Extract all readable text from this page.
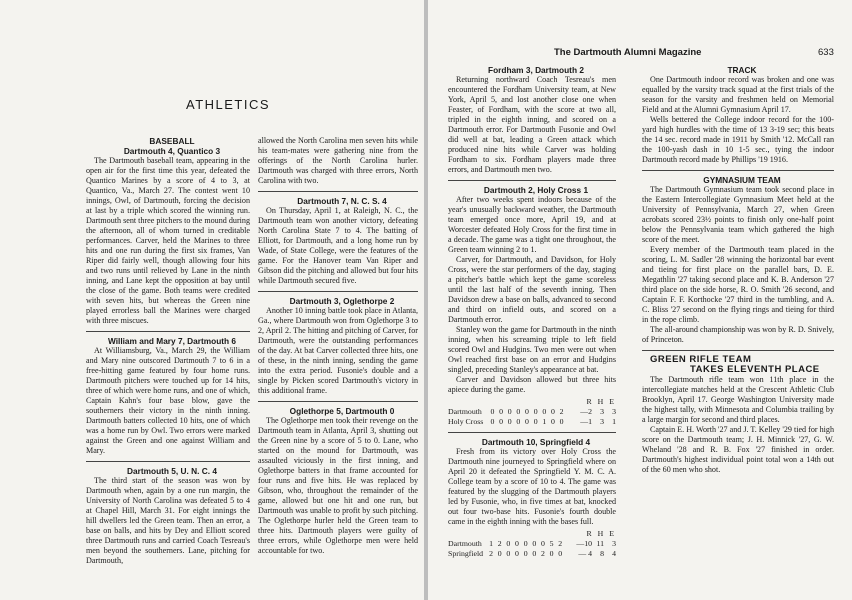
ATHLETICS

BASEBALL

Dartmouth 4, Quantico 3

The Dartmouth baseball team, appearing in the open air for the first time this year, defeated the Quantico Marines by a score of 4 to 3, at Quantico, Va., March 27. The contest went 10 innings, Owl, of Dartmouth, forcing the decision at last by a triple which scored the winning run. Dartmouth sent three pitchers to the mound during the afternoon, all of whom turned in creditable performances. Carver, held the Marines to three hits and one run during the first six frames, Van Riper did fairly well, though allowing four hits and two runs until relieved by Lane in the ninth inning, and Lane kept the opposition at bay until the close of the game. Both teams were credited with seven hits, but whereas the Green nine played errorless ball the Marines were charged with three miscues.

William and Mary 7, Dartmouth 6

At Williamsburg, Va., March 29, the William and Mary nine outscored Dartmouth 7 to 6 in a free-hitting game featured by four home runs. Dartmouth pitchers were touched up for 14 hits, three of which were home runs, and one of which, Captain Kahn's four base blow, gave the southerners their victory in the ninth inning. Dartmouth batters collected 10 hits, one of which was a home run by Owl. Two errors were marked against the Green and one against William and Mary.

Dartmouth 5, U. N. C. 4

The third start of the season was won by Dartmouth when, again by a one run margin, the University of North Carolina was defeated 5 to 4 at Chapel Hill, March 31. For eight innings the hill dwellers led the Green team. Then an error, a base on balls, and hits by Dey and Elliott scored three Dartmouth runs and carried Coach Tesreau's men beyond the southerners. Lane, pitching for Dartmouth,

allowed the North Carolina men seven hits while his team-mates were gathering nine from the offerings of the North Carolina hurler. Dartmouth was charged with three errors, North Carolina with two.

Dartmouth 7, N. C. S. 4

On Thursday, April 1, at Raleigh, N. C., the Dartmouth team won another victory, defeating North Carolina State 7 to 4. The batting of Elliott, for Dartmouth, and a long home run by Wade, of State College, were the features of the game. For the Hanover team Van Riper and Gibson did the pitching and allowed but four hits while Dartmouth secured five.

Dartmouth 3, Oglethorpe 2

Another 10 inning battle took place in Atlanta, Ga., where Dartmouth won from Oglethorpe 3 to 2, April 2. The hitting and pitching of Carver, for Dartmouth, were the outstanding performances of the day. At bat Carver collected three hits, one of these, in the ninth inning, sending the game into the extra period. Fusonie's double and a single by Picken scored Dartmouth's victory in this additional frame.

Oglethorpe 5, Dartmouth 0

The Oglethorpe men took their revenge on the Dartmouth team in Atlanta, April 3, shutting out the Green nine by a score of 5 to 0. Lane, who started on the mound for Dartmouth, was assaulted viciously in the first inning, and Oglethorpe batters in that frame accounted for four runs and five hits. He was replaced by Gibson, who, throughout the remainder of the game, allowed but one hit and one run, but Dartmouth was unable to profit by such pitching. The Oglethorpe hurler held the Green team to three hits. Dartmouth players were guilty of three errors, while Oglethorpe men were held accountable for two.

The Dartmouth Alumni Magazine	633

Fordham 3, Dartmouth 2

Returning northward Coach Tesreau's men encountered the Fordham University team, at New York, April 5, and lost another close one when Feaster, of Fordham, with the score at two all, tripled in the eighth inning, and scored on a Dartmouth error. For Dartmouth Fusonie and Owl did well at bat, leading a Green attack which produced nine hits while Carver was holding Fordham to six. Fordham players made three errors, and Dartmouth men two.

Dartmouth 2, Holy Cross 1

After two weeks spent indoors because of the year's unusually backward weather, the Dartmouth team emerged once more, April 19, and at Worcester defeated Holy Cross for the first time in a decade. The game was a tight one throughout, the Green team winning 2 to 1.

Carver, for Dartmouth, and Davidson, for Holy Cross, were the star performers of the day, staging a pitcher's battle which kept the game scoreless until the last half of the seventh inning. Then Davidson drew a base on balls, advanced to second and third on infield outs, and scored on a Dartmouth error.

Stanley won the game for Dartmouth in the ninth inning, when his screaming triple to left field scored Owl and Hudgins. Two men were out when Owl reached first base on an error and Hudgins singled, preceding Stanley's appearance at bat.

Carver and Davidson allowed but three hits apiece during the game.

		R H E		
Dartmouth	0 0 0 0 0 0 0 0 2	—2	3	3
Holy Cross	0 0 0 0 0 0 1 0 0	—1	3	1

Dartmouth 10, Springfield 4

Fresh from its victory over Holy Cross the Dartmouth nine journeyed to Springfield where on April 20 it defeated the Springfield Y. M. C. A. College team by a score of 10 to 4. The game was featured by the slugging of the Dartmouth players led by Fusonie, who, in five times at bat, knocked out four two-base hits. Fusonie's fourth double came in the eighth inning with the bases full.

		R H E		
Dartmouth	1 2 0 0 0 0 0 5 2	—10	11	3
Springfield	2 0 0 0 0 0 2 0 0	— 4	8	4

TRACK

One Dartmouth indoor record was broken and one was equalled by the varsity track squad at the first trials of the season for the varsity and freshmen held on Memorial Field and at the Alumni Gymnasium April 17.

Wells bettered the College indoor record for the 100-yard high hurdles with the time of 13 3-19 sec; this beats the 14 sec. record made in 1911 by Smith '12. McCall ran the 100-yash dash in 10 1-5 sec., tying the indoor Dartmouth record made by Phillips '19 1916.

GYMNASIUM TEAM

The Dartmouth Gymnasium team took second place in the Eastern Intercollegiate Gymnasium Meet held at the University of Pennsylvania, March 27, when Green acrobats scored 23½ points to finish only one-half point below the Pennsylvania team which gathered the high score of the meet.

Every member of the Dartmouth team placed in the scoring, L. M. Sadler '28 winning the horizontal bar event and tieing for first place on the parallel bars, D. E. Megathlin '27 taking second place and K. B. Anderson '27 third place on the side horse, R. O. Smith '26 second, and Captain F. F. Korthocke '27 third in the tumbling, and A. C. Bliss '27 second on the flying rings and tieing for third in the rope climb.

The all-around championship was won by R. D. Snively, of Princeton.

GREEN RIFLE TEAM

TAKES ELEVENTH PLACE

The Dartmouth rifle team won 11th place in the intercollegiate matches held at the Crescent Athletic Club Brooklyn, April 17. George Washington University made the highest tally, with Minnesota and Columbia trailing by a large margin for second and third places.

Captain E. H. Worth '27 and J. T. Kelley '29 tied for high score on the Dartmouth team; J. H. Minnick '27, G. W. Wheland '28 and R. B. Fox '27 finished in order. Dartmouth's highest individual point total won a 14th out of the 60 men who shot.
